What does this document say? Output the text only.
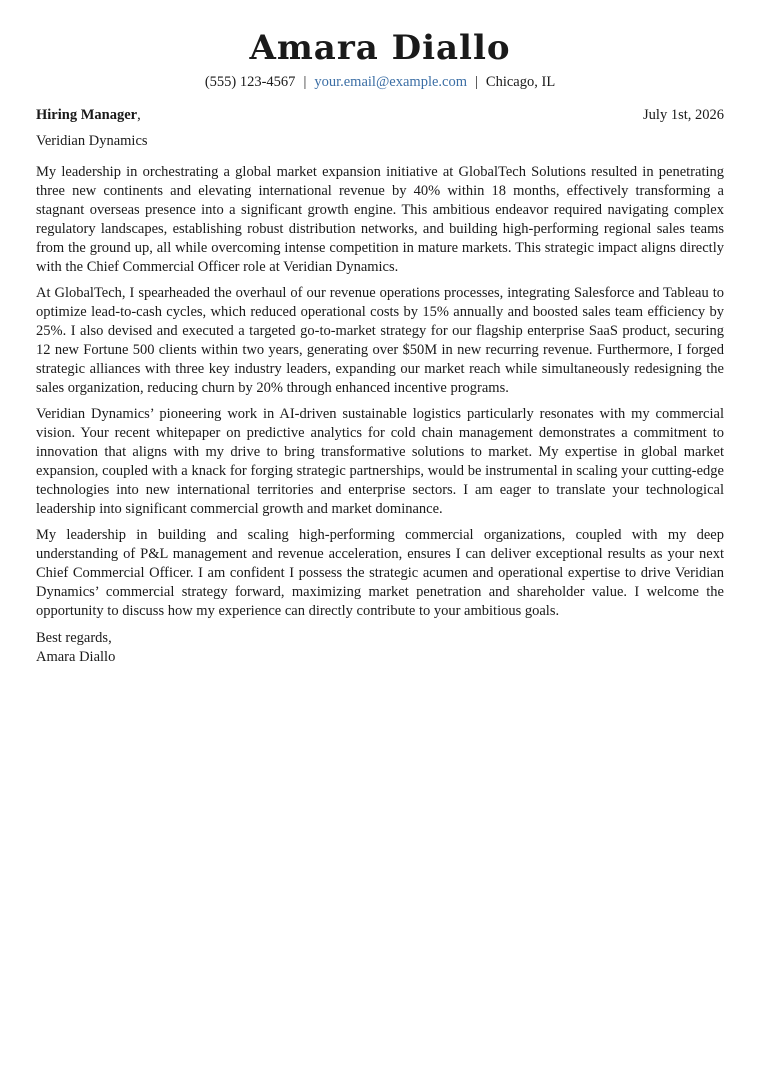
Amara Diallo
(555) 123-4567 | your.email@example.com | Chicago, IL
Hiring Manager,	July 1st, 2026
Veridian Dynamics

My leadership in orchestrating a global market expansion initiative at GlobalTech Solutions resulted in penetrating three new continents and elevating international revenue by 40% within 18 months, effectively transforming a stagnant overseas presence into a significant growth engine. This ambitious endeavor required navigating complex regulatory landscapes, establishing robust distribution networks, and building high-performing regional sales teams from the ground up, all while overcoming intense competition in mature markets. This strategic impact aligns directly with the Chief Commercial Officer role at Veridian Dynamics.

At GlobalTech, I spearheaded the overhaul of our revenue operations processes, integrating Salesforce and Tableau to optimize lead-to-cash cycles, which reduced operational costs by 15% annually and boosted sales team efficiency by 25%. I also devised and executed a targeted go-to-market strategy for our flagship enterprise SaaS product, securing 12 new Fortune 500 clients within two years, generating over $50M in new recurring revenue. Furthermore, I forged strategic alliances with three key industry leaders, expanding our market reach while simultaneously redesigning the sales organization, reducing churn by 20% through enhanced incentive programs.

Veridian Dynamics’ pioneering work in AI-driven sustainable logistics particularly resonates with my commercial vision. Your recent whitepaper on predictive analytics for cold chain management demonstrates a commitment to innovation that aligns with my drive to bring transformative solutions to market. My expertise in global market expansion, coupled with a knack for forging strategic partnerships, would be instrumental in scaling your cutting-edge technologies into new international territories and enterprise sectors. I am eager to translate your technological leadership into significant commercial growth and market dominance.

My leadership in building and scaling high-performing commercial organizations, coupled with my deep understanding of P&L management and revenue acceleration, ensures I can deliver exceptional results as your next Chief Commercial Officer. I am confident I possess the strategic acumen and operational expertise to drive Veridian Dynamics’ commercial strategy forward, maximizing market penetration and shareholder value. I welcome the opportunity to discuss how my experience can directly contribute to your ambitious goals.

Best regards,
Amara Diallo
